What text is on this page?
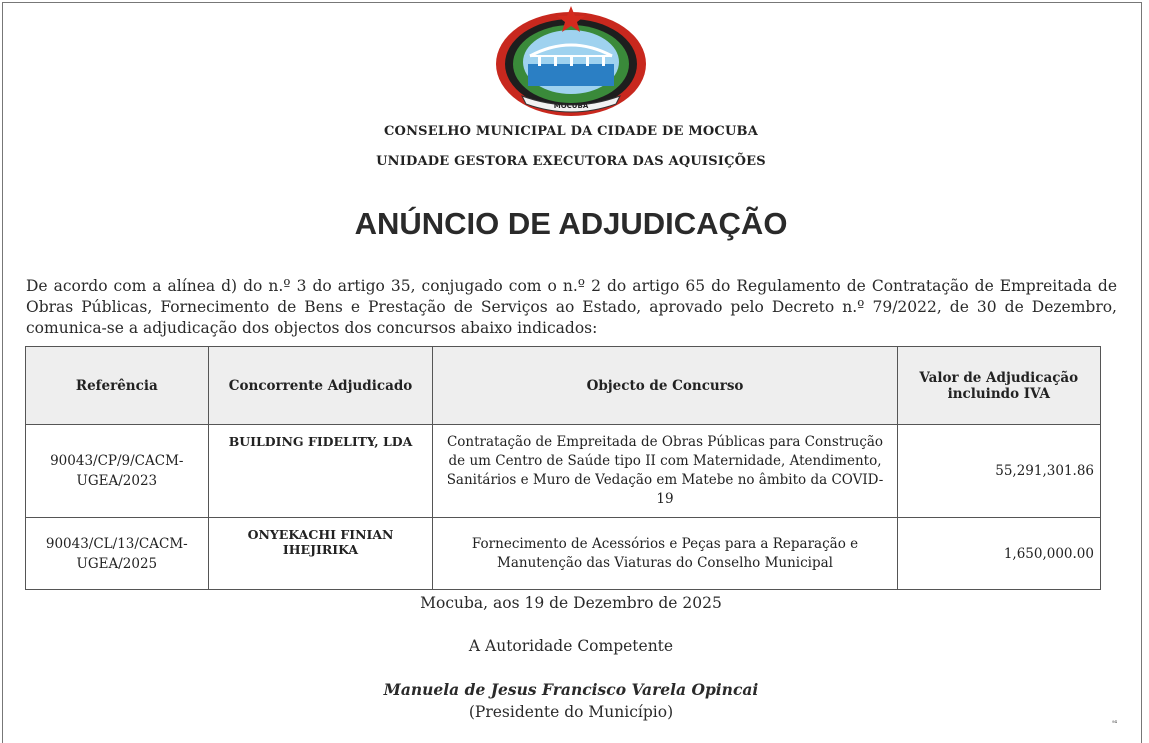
MOCUBA
CONSELHO MUNICIPAL DA CIDADE DE MOCUBA
UNIDADE GESTORA EXECUTORA DAS AQUISIÇÕES
ANÚNCIO DE ADJUDICAÇÃO
De acordo com a alínea d) do n.º 3 do artigo 35, conjugado com o n.º 2 do artigo 65 do Regulamento de Contratação de Empreitada de Obras Públicas, Fornecimento de Bens e Prestação de Serviços ao Estado, aprovado pelo Decreto n.º 79/2022, de 30 de Dezembro, comunica-se a adjudicação dos objectos dos concursos abaixo indicados:
Referência	Concorrente Adjudicado	Objecto de Concurso	Valor de Adjudicação incluindo IVA
90043/CP/9/CACM-UGEA/2023	BUILDING FIDELITY, LDA	Contratação de Empreitada de Obras Públicas para Construção de um Centro de Saúde tipo II com Maternidade, Atendimento, Sanitários e Muro de Vedação em Matebe no âmbito da COVID-19	55,291,301.86
90043/CL/13/CACM-UGEA/2025	ONYEKACHI FINIAN IHEJIRIKA	Fornecimento de Acessórios e Peças para a Reparação e Manutenção das Viaturas do Conselho Municipal	1,650,000.00
Mocuba, aos 19 de Dezembro de 2025
A Autoridade Competente
Manuela de Jesus Francisco Varela Opincai
(Presidente do Município)
94
